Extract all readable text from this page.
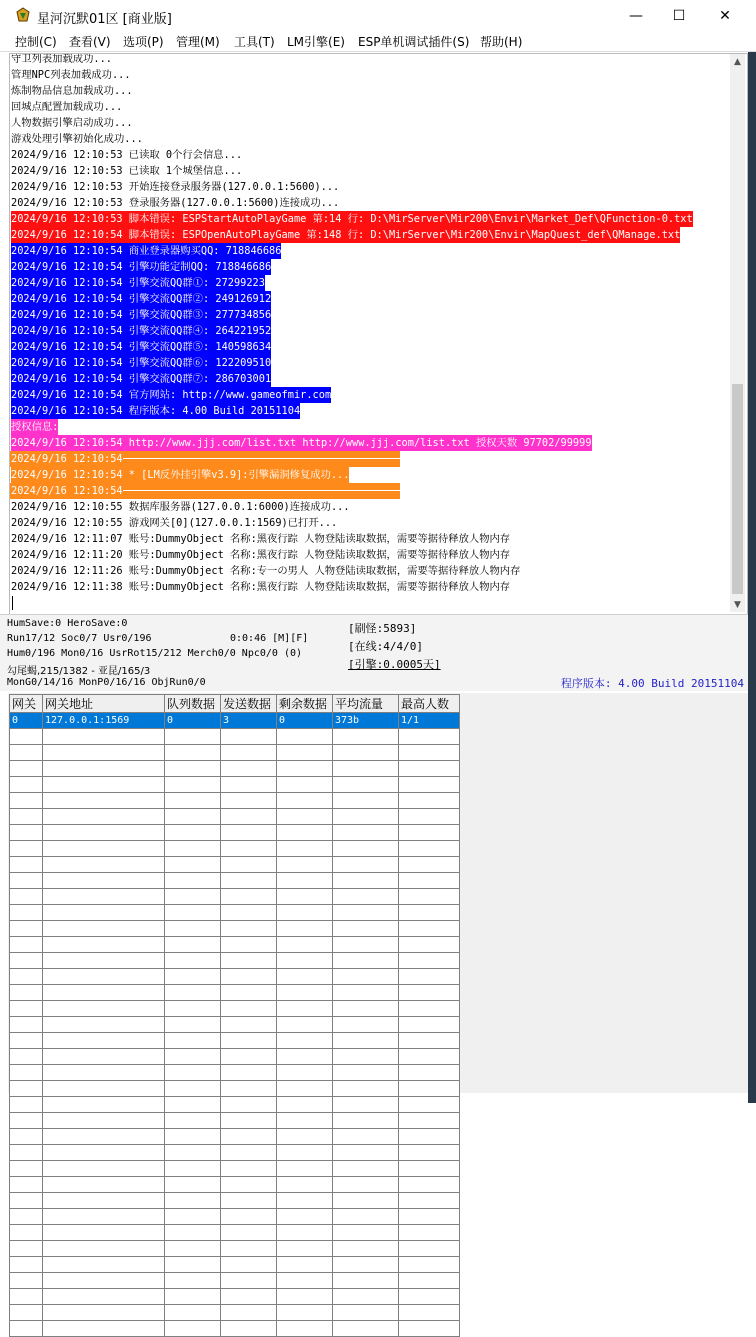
星河沉默01区 [商业版]	—	☐	✕
控制(C) 查看(V) 选项(P) 管理(M) 工具(T) LM引擎(E) ESP单机调试插件(S) 帮助(H)
守卫列表加载成功...
管理NPC列表加载成功...
炼制物品信息加载成功...
回城点配置加载成功...
人物数据引擎启动成功...
游戏处理引擎初始化成功...
2024/9/16 12:10:53 已读取 0个行会信息...
2024/9/16 12:10:53 已读取 1个城堡信息...
2024/9/16 12:10:53 开始连接登录服务器(127.0.0.1:5600)...
2024/9/16 12:10:53 登录服务器(127.0.0.1:5600)连接成功...
2024/9/16 12:10:53 脚本错误: ESPStartAutoPlayGame 第:14 行: D:\MirServer\Mir200\Envir\Market_Def\QFunction-0.txt
2024/9/16 12:10:54 脚本错误: ESPOpenAutoPlayGame 第:148 行: D:\MirServer\Mir200\Envir\MapQuest_def\QManage.txt
2024/9/16 12:10:54 商业登录器购买QQ: 718846686
2024/9/16 12:10:54 引擎功能定制QQ: 718846686
2024/9/16 12:10:54 引擎交流QQ群①: 27299223
2024/9/16 12:10:54 引擎交流QQ群②: 249126912
2024/9/16 12:10:54 引擎交流QQ群③: 277734856
2024/9/16 12:10:54 引擎交流QQ群④: 264221952
2024/9/16 12:10:54 引擎交流QQ群⑤: 140598634
2024/9/16 12:10:54 引擎交流QQ群⑥: 122209510
2024/9/16 12:10:54 引擎交流QQ群⑦: 286703001
2024/9/16 12:10:54 官方网站: http://www.gameofmir.com
2024/9/16 12:10:54 程序版本: 4.00 Build 20151104
授权信息:
2024/9/16 12:10:54 http://www.jjj.com/list.txt http://www.jjj.com/list.txt 授权天数 97702/99999
2024/9/16 12:10:54
2024/9/16 12:10:54 * [LM反外挂引擎v3.9]:引擎漏洞修复成功...
2024/9/16 12:10:54
2024/9/16 12:10:55 数据库服务器(127.0.0.1:6000)连接成功...
2024/9/16 12:10:55 游戏网关[0](127.0.0.1:1569)已打开...
2024/9/16 12:11:07 账号:DummyObject 名称:黑夜行踪 人物登陆读取数据，需要等据待释放人物内存
2024/9/16 12:11:20 账号:DummyObject 名称:黑夜行踪 人物登陆读取数据，需要等据待释放人物内存
2024/9/16 12:11:26 账号:DummyObject 名称:专一の男人 人物登陆读取数据，需要等据待释放人物内存
2024/9/16 12:11:38 账号:DummyObject 名称:黑夜行踪 人物登陆读取数据，需要等据待释放人物内存
▲
▼
HumSave:0 HeroSave:0
Run17/12 Soc0/7 Usr0/196	0:0:46 [M][F]
Hum0/196 Mon0/16 UsrRot15/212 Merch0/0 Npc0/0 (0)
勾尾蝎,215/1382 - 亚昆/165/3
MonG0/14/16 MonP0/16/16 ObjRun0/0
[刷怪:5893]
[在线:4/4/0]
[引擎:0.0005天]
程序版本: 4.00 Build 20151104
网关	网关地址	队列数据	发送数据	剩余数据	平均流量	最高人数
0	127.0.0.1:1569	0	3	0	373b	1/1
